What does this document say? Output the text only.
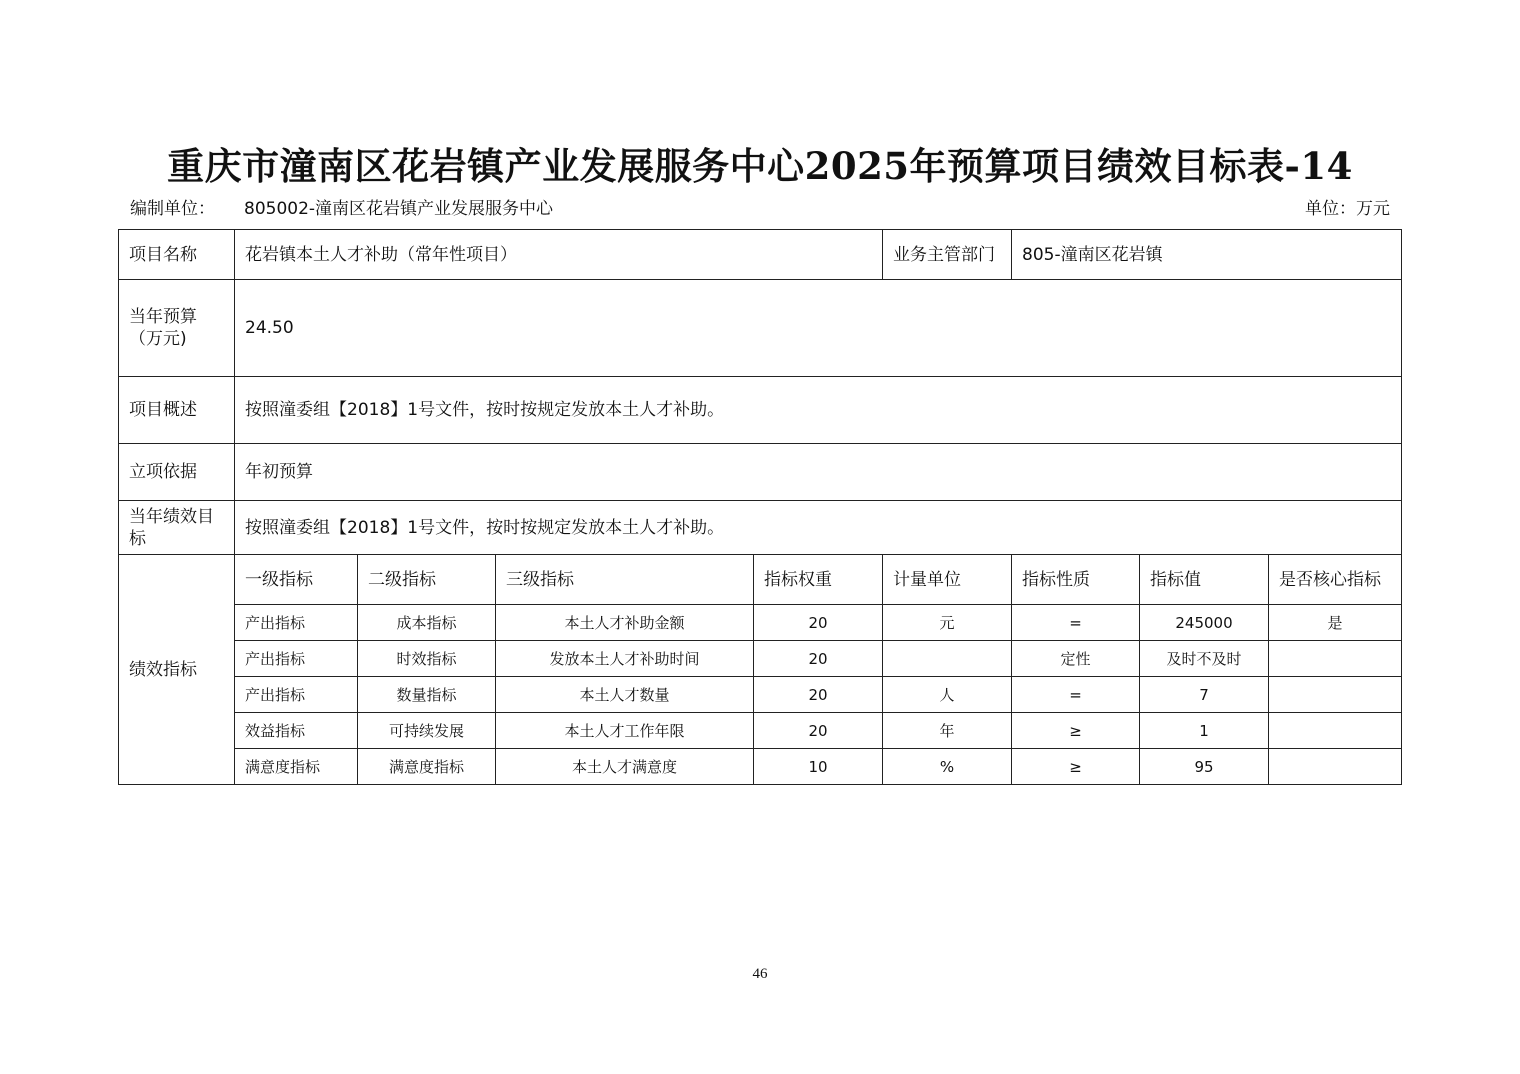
重庆市潼南区花岩镇产业发展服务中心2025年预算项目绩效目标表-14
编制单位： 805002-潼南区花岩镇产业发展服务中心	单位：万元
项目名称	花岩镇本土人才补助（常年性项目）				业务主管部门	805-潼南区花岩镇		
当年预算（万元)	24.50							
项目概述	按照潼委组【2018】1号文件，按时按规定发放本土人才补助。							
立项依据	年初预算							
当年绩效目标	按照潼委组【2018】1号文件，按时按规定发放本土人才补助。							
绩效指标	一级指标	二级指标	三级指标	指标权重	计量单位	指标性质	指标值	是否核心指标
	产出指标	成本指标	本土人才补助金额	20	元	=	245000	是
	产出指标	时效指标	发放本土人才补助时间	20		定性	及时不及时	
	产出指标	数量指标	本土人才数量	20	人	=	7	
	效益指标	可持续发展	本土人才工作年限	20	年	≥	1	
	满意度指标	满意度指标	本土人才满意度	10	%	≥	95	
46
